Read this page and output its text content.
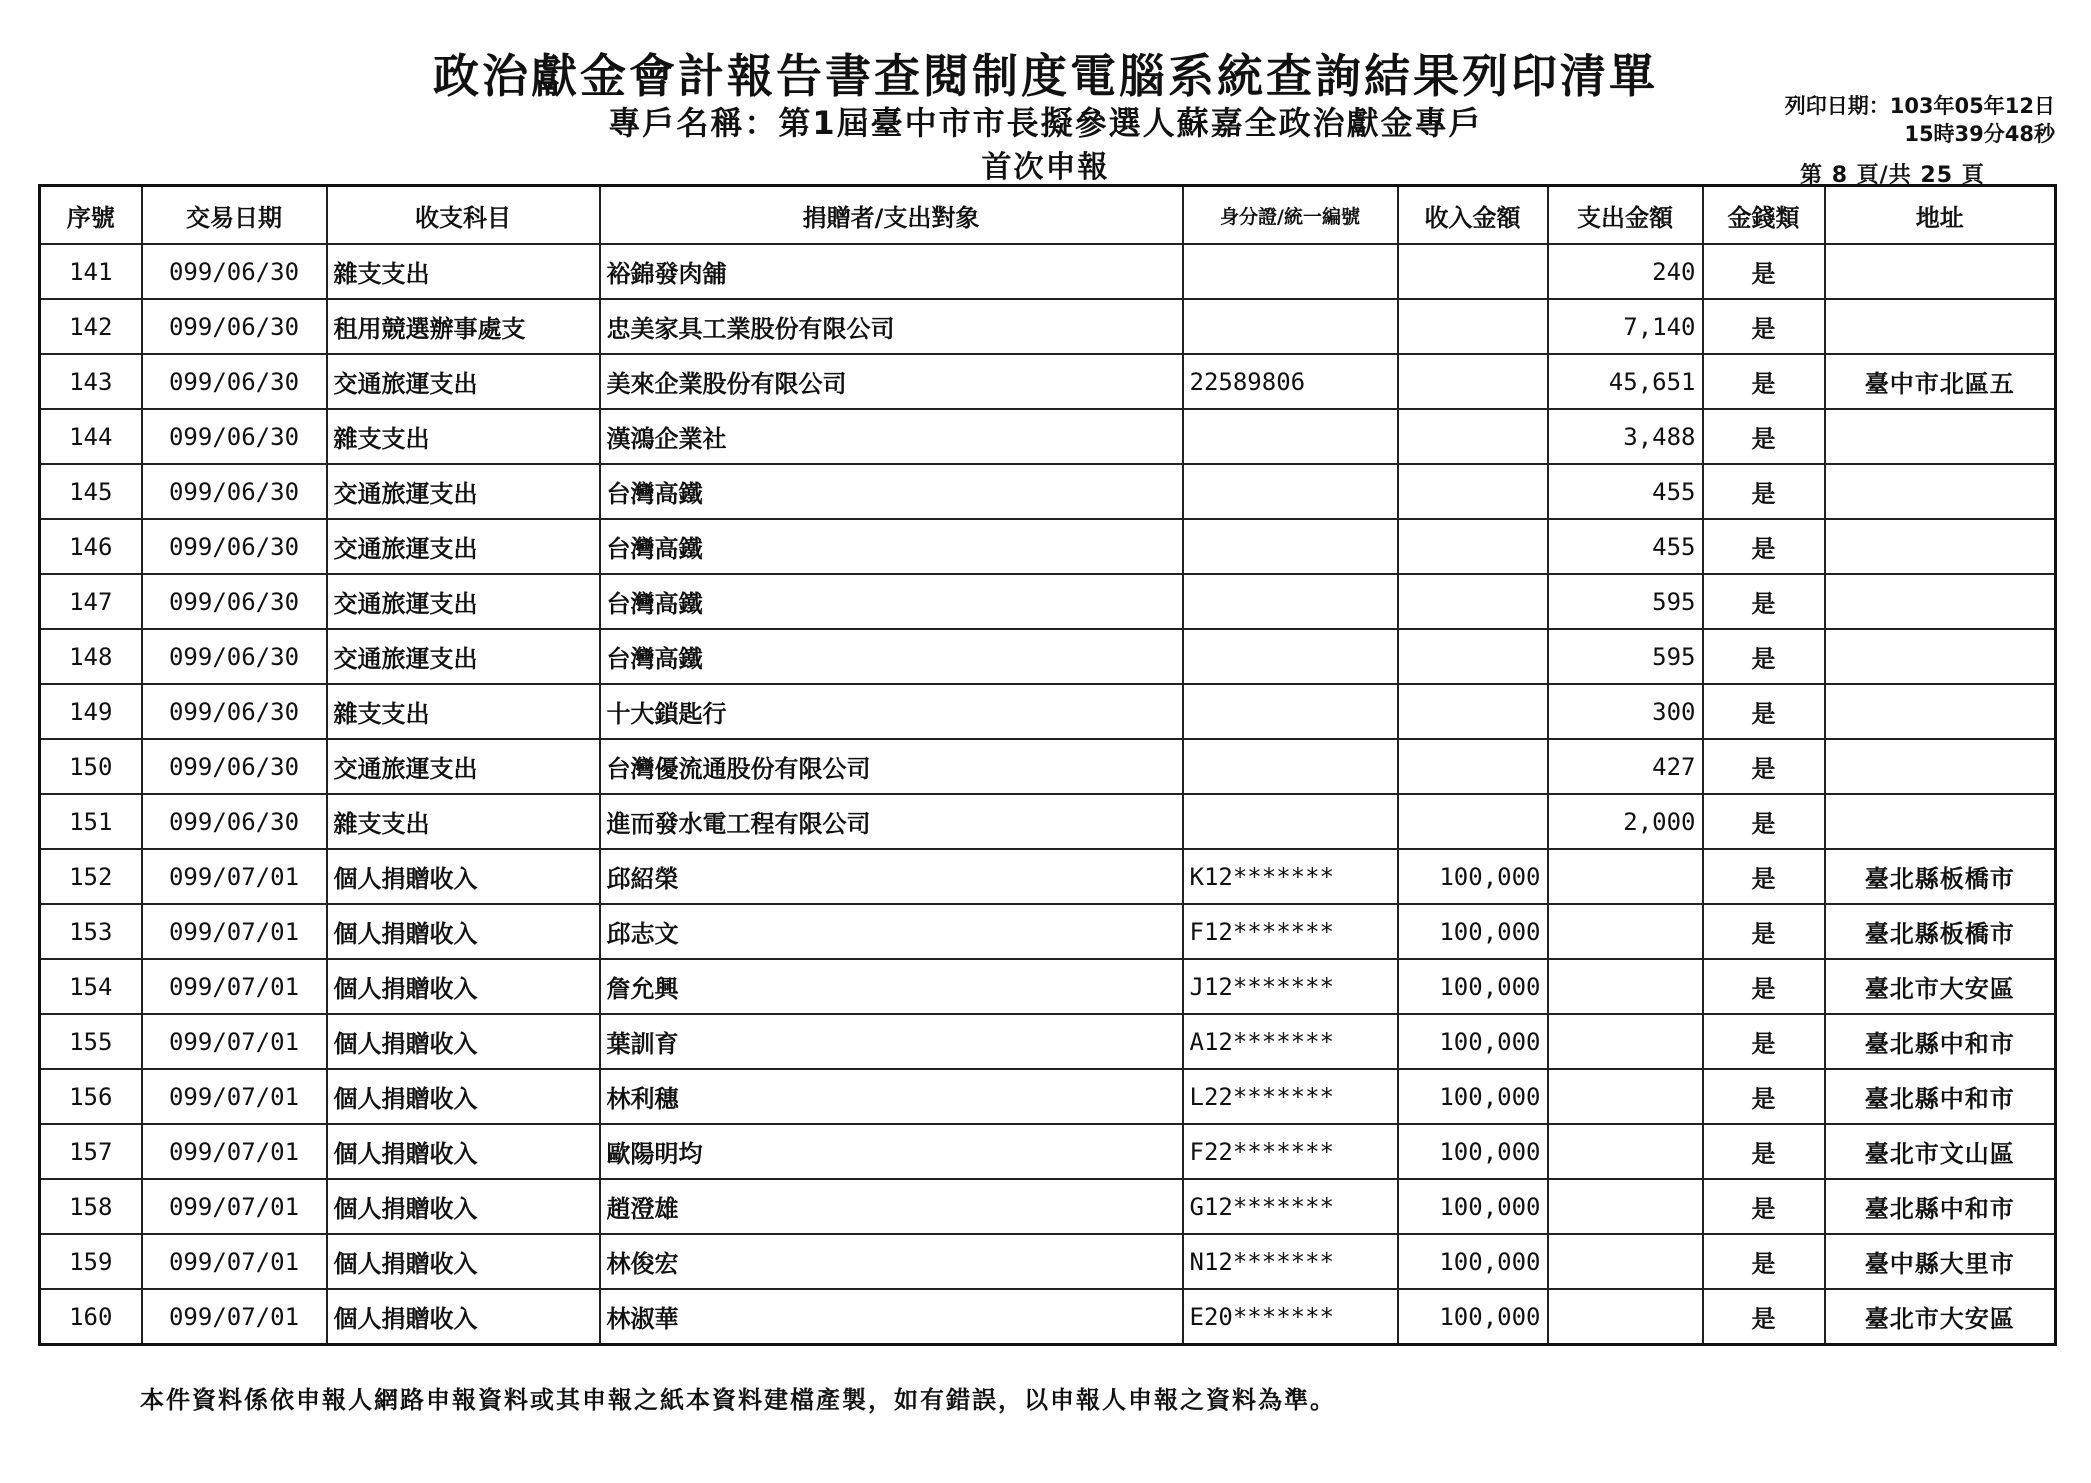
政治獻金會計報告書查閱制度電腦系統查詢結果列印清單
專戶名稱：第1屆臺中市市長擬參選人蘇嘉全政治獻金專戶
首次申報
列印日期：103年05年12日
15時39分48秒
第 8 頁/共 25 頁
序號	交易日期	收支科目	捐贈者/支出對象	身分證/統一編號	收入金額	支出金額	金錢類	地址
141	099/06/30	雜支支出	裕錦發肉舖			240	是	
142	099/06/30	租用競選辦事處支	忠美家具工業股份有限公司			7,140	是	
143	099/06/30	交通旅運支出	美來企業股份有限公司	22589806		45,651	是	臺中市北區五
144	099/06/30	雜支支出	漢鴻企業社			3,488	是	
145	099/06/30	交通旅運支出	台灣高鐵			455	是	
146	099/06/30	交通旅運支出	台灣高鐵			455	是	
147	099/06/30	交通旅運支出	台灣高鐵			595	是	
148	099/06/30	交通旅運支出	台灣高鐵			595	是	
149	099/06/30	雜支支出	十大鎖匙行			300	是	
150	099/06/30	交通旅運支出	台灣優流通股份有限公司			427	是	
151	099/06/30	雜支支出	進而發水電工程有限公司			2,000	是	
152	099/07/01	個人捐贈收入	邱紹榮	K12*******	100,000		是	臺北縣板橋市
153	099/07/01	個人捐贈收入	邱志文	F12*******	100,000		是	臺北縣板橋市
154	099/07/01	個人捐贈收入	詹允興	J12*******	100,000		是	臺北市大安區
155	099/07/01	個人捐贈收入	葉訓育	A12*******	100,000		是	臺北縣中和市
156	099/07/01	個人捐贈收入	林利穗	L22*******	100,000		是	臺北縣中和市
157	099/07/01	個人捐贈收入	歐陽明均	F22*******	100,000		是	臺北市文山區
158	099/07/01	個人捐贈收入	趙澄雄	G12*******	100,000		是	臺北縣中和市
159	099/07/01	個人捐贈收入	林俊宏	N12*******	100,000		是	臺中縣大里市
160	099/07/01	個人捐贈收入	林淑華	E20*******	100,000		是	臺北市大安區
本件資料係依申報人網路申報資料或其申報之紙本資料建檔產製，如有錯誤，以申報人申報之資料為準。
